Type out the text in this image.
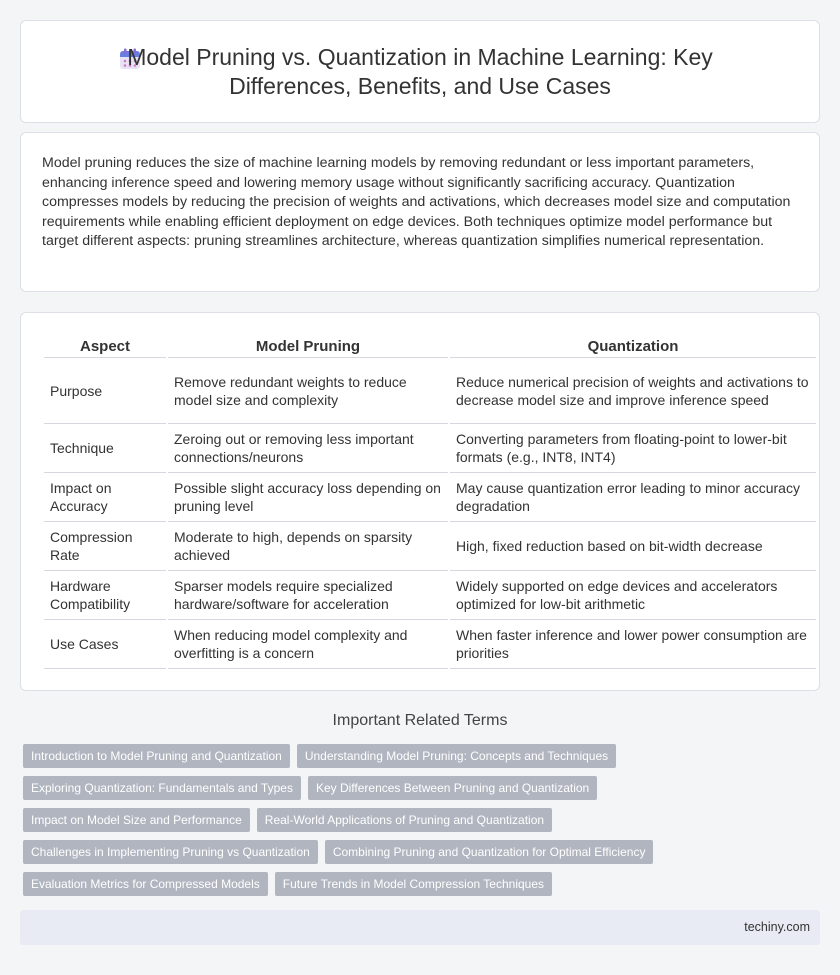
Model Pruning vs. Quantization in Machine Learning: Key Differences, Benefits, and Use Cases

Model pruning reduces the size of machine learning models by removing redundant or less important parameters, enhancing inference speed and lowering memory usage without significantly sacrificing accuracy. Quantization compresses models by reducing the precision of weights and activations, which decreases model size and computation requirements while enabling efficient deployment on edge devices. Both techniques optimize model performance but target different aspects: pruning streamlines architecture, whereas quantization simplifies numerical representation.

Aspect	Model Pruning	Quantization
Purpose	Remove redundant weights to reduce model size and complexity	Reduce numerical precision of weights and activations to decrease model size and improve inference speed
Technique	Zeroing out or removing less important connections/neurons	Converting parameters from floating-point to lower-bit formats (e.g., INT8, INT4)
Impact on Accuracy	Possible slight accuracy loss depending on pruning level	May cause quantization error leading to minor accuracy degradation
Compression Rate	Moderate to high, depends on sparsity achieved	High, fixed reduction based on bit-width decrease
Hardware Compatibility	Sparser models require specialized hardware/software for acceleration	Widely supported on edge devices and accelerators optimized for low-bit arithmetic
Use Cases	When reducing model complexity and overfitting is a concern	When faster inference and lower power consumption are priorities
Important Related Terms
Introduction to Model Pruning and Quantization	Understanding Model Pruning: Concepts and Techniques
Exploring Quantization: Fundamentals and Types	Key Differences Between Pruning and Quantization
Impact on Model Size and Performance	Real-World Applications of Pruning and Quantization
Challenges in Implementing Pruning vs Quantization	Combining Pruning and Quantization for Optimal Efficiency
Evaluation Metrics for Compressed Models	Future Trends in Model Compression Techniques
techiny.com
